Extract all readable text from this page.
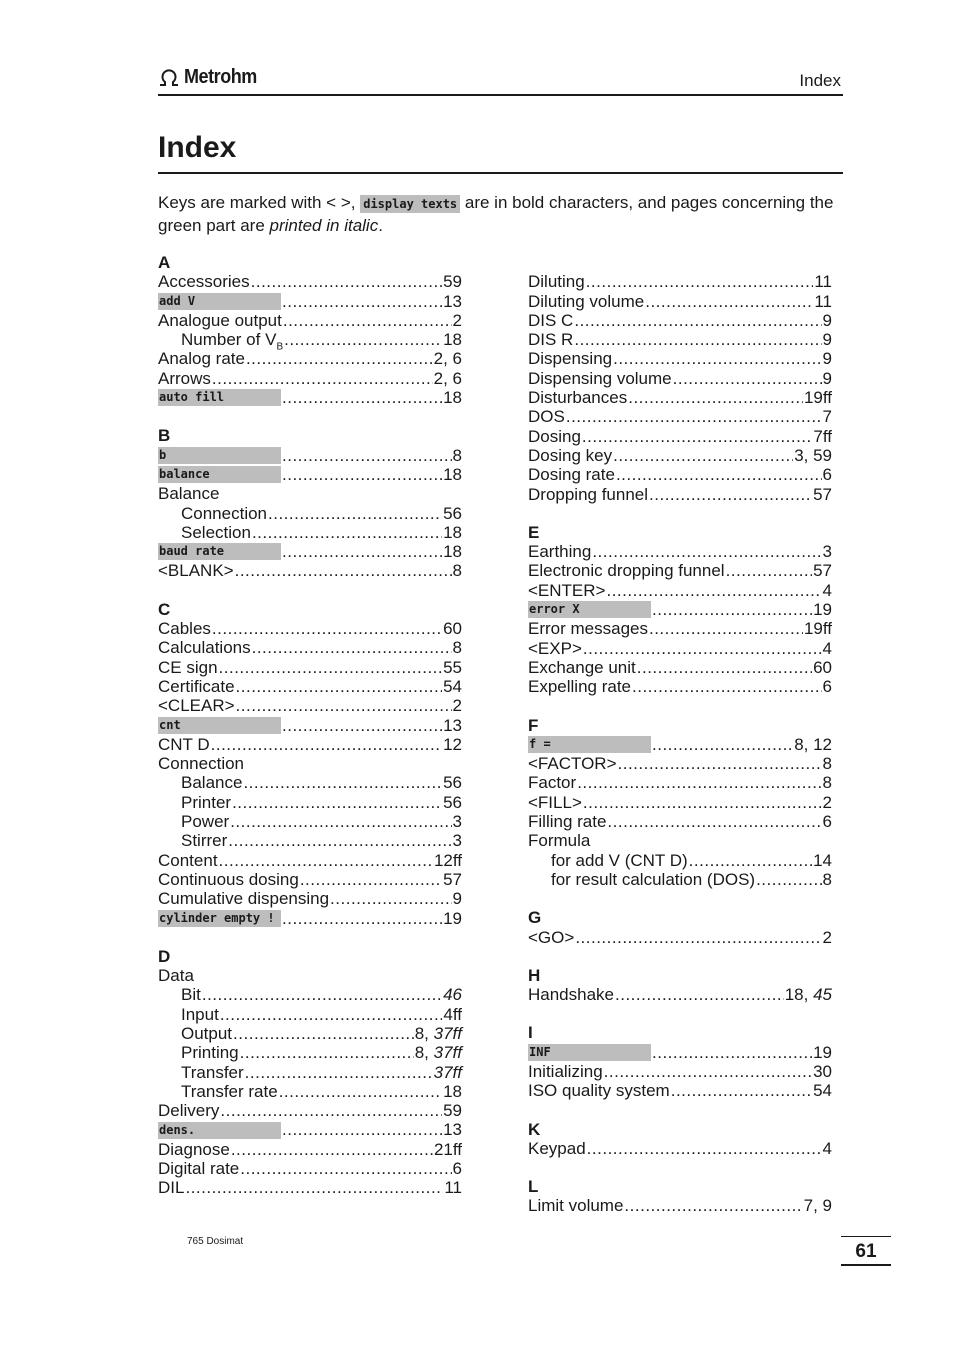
Metrohm	Index
Index
Keys are marked with < >, display texts are in bold characters, and pages concerning the green part are printed in italic.
A
Accessories .....	59
add V .....	13
Analogue output .....	2
Number of $V_B$ .....	18
Analog rate .....	2, 6
Arrows .....	2, 6
auto fill .....	18
B
b .....	8
balance .....	18
Balance
Connection .....	56
Selection .....	18
baud rate .....	18
<BLANK> .....	8
C
Cables .....	60
Calculations .....	8
CE sign .....	55
Certificate .....	54
<CLEAR> .....	2
cnt .....	13
CNT D .....	12
Connection
Balance .....	56
Printer .....	56
Power .....	3
Stirrer .....	3
Content .....	12ff
Continuous dosing .....	57
Cumulative dispensing .....	9
cylinder empty ! .....	19
D
Data
Bit .....	46
Input .....	4ff
Output .....	8, 37ff
Printing .....	8, 37ff
Transfer .....	37ff
Transfer rate .....	18
Delivery .....	59
dens. .....	13
Diagnose .....	21ff
Digital rate .....	6
DIL .....	11
Diluting .....	11
Diluting volume .....	11
DIS C .....	9
DIS R .....	9
Dispensing .....	9
Dispensing volume .....	9
Disturbances .....	19ff
DOS .....	7
Dosing .....	7ff
Dosing key .....	3, 59
Dosing rate .....	6
Dropping funnel .....	57
E
Earthing .....	3
Electronic dropping funnel .....	57
<ENTER> .....	4
error X .....	19
Error messages .....	19ff
<EXP> .....	4
Exchange unit .....	60
Expelling rate .....	6
F
f = .....	8, 12
<FACTOR> .....	8
Factor .....	8
<FILL> .....	2
Filling rate .....	6
Formula
for add V (CNT D) .....	14
for result calculation (DOS) .....	8
G
<GO> .....	2
H
Handshake .....	18, 45
I
INF .....	19
Initializing .....	30
ISO quality system .....	54
K
Keypad .....	4
L
Limit volume .....	7, 9
765 Dosimat	61
